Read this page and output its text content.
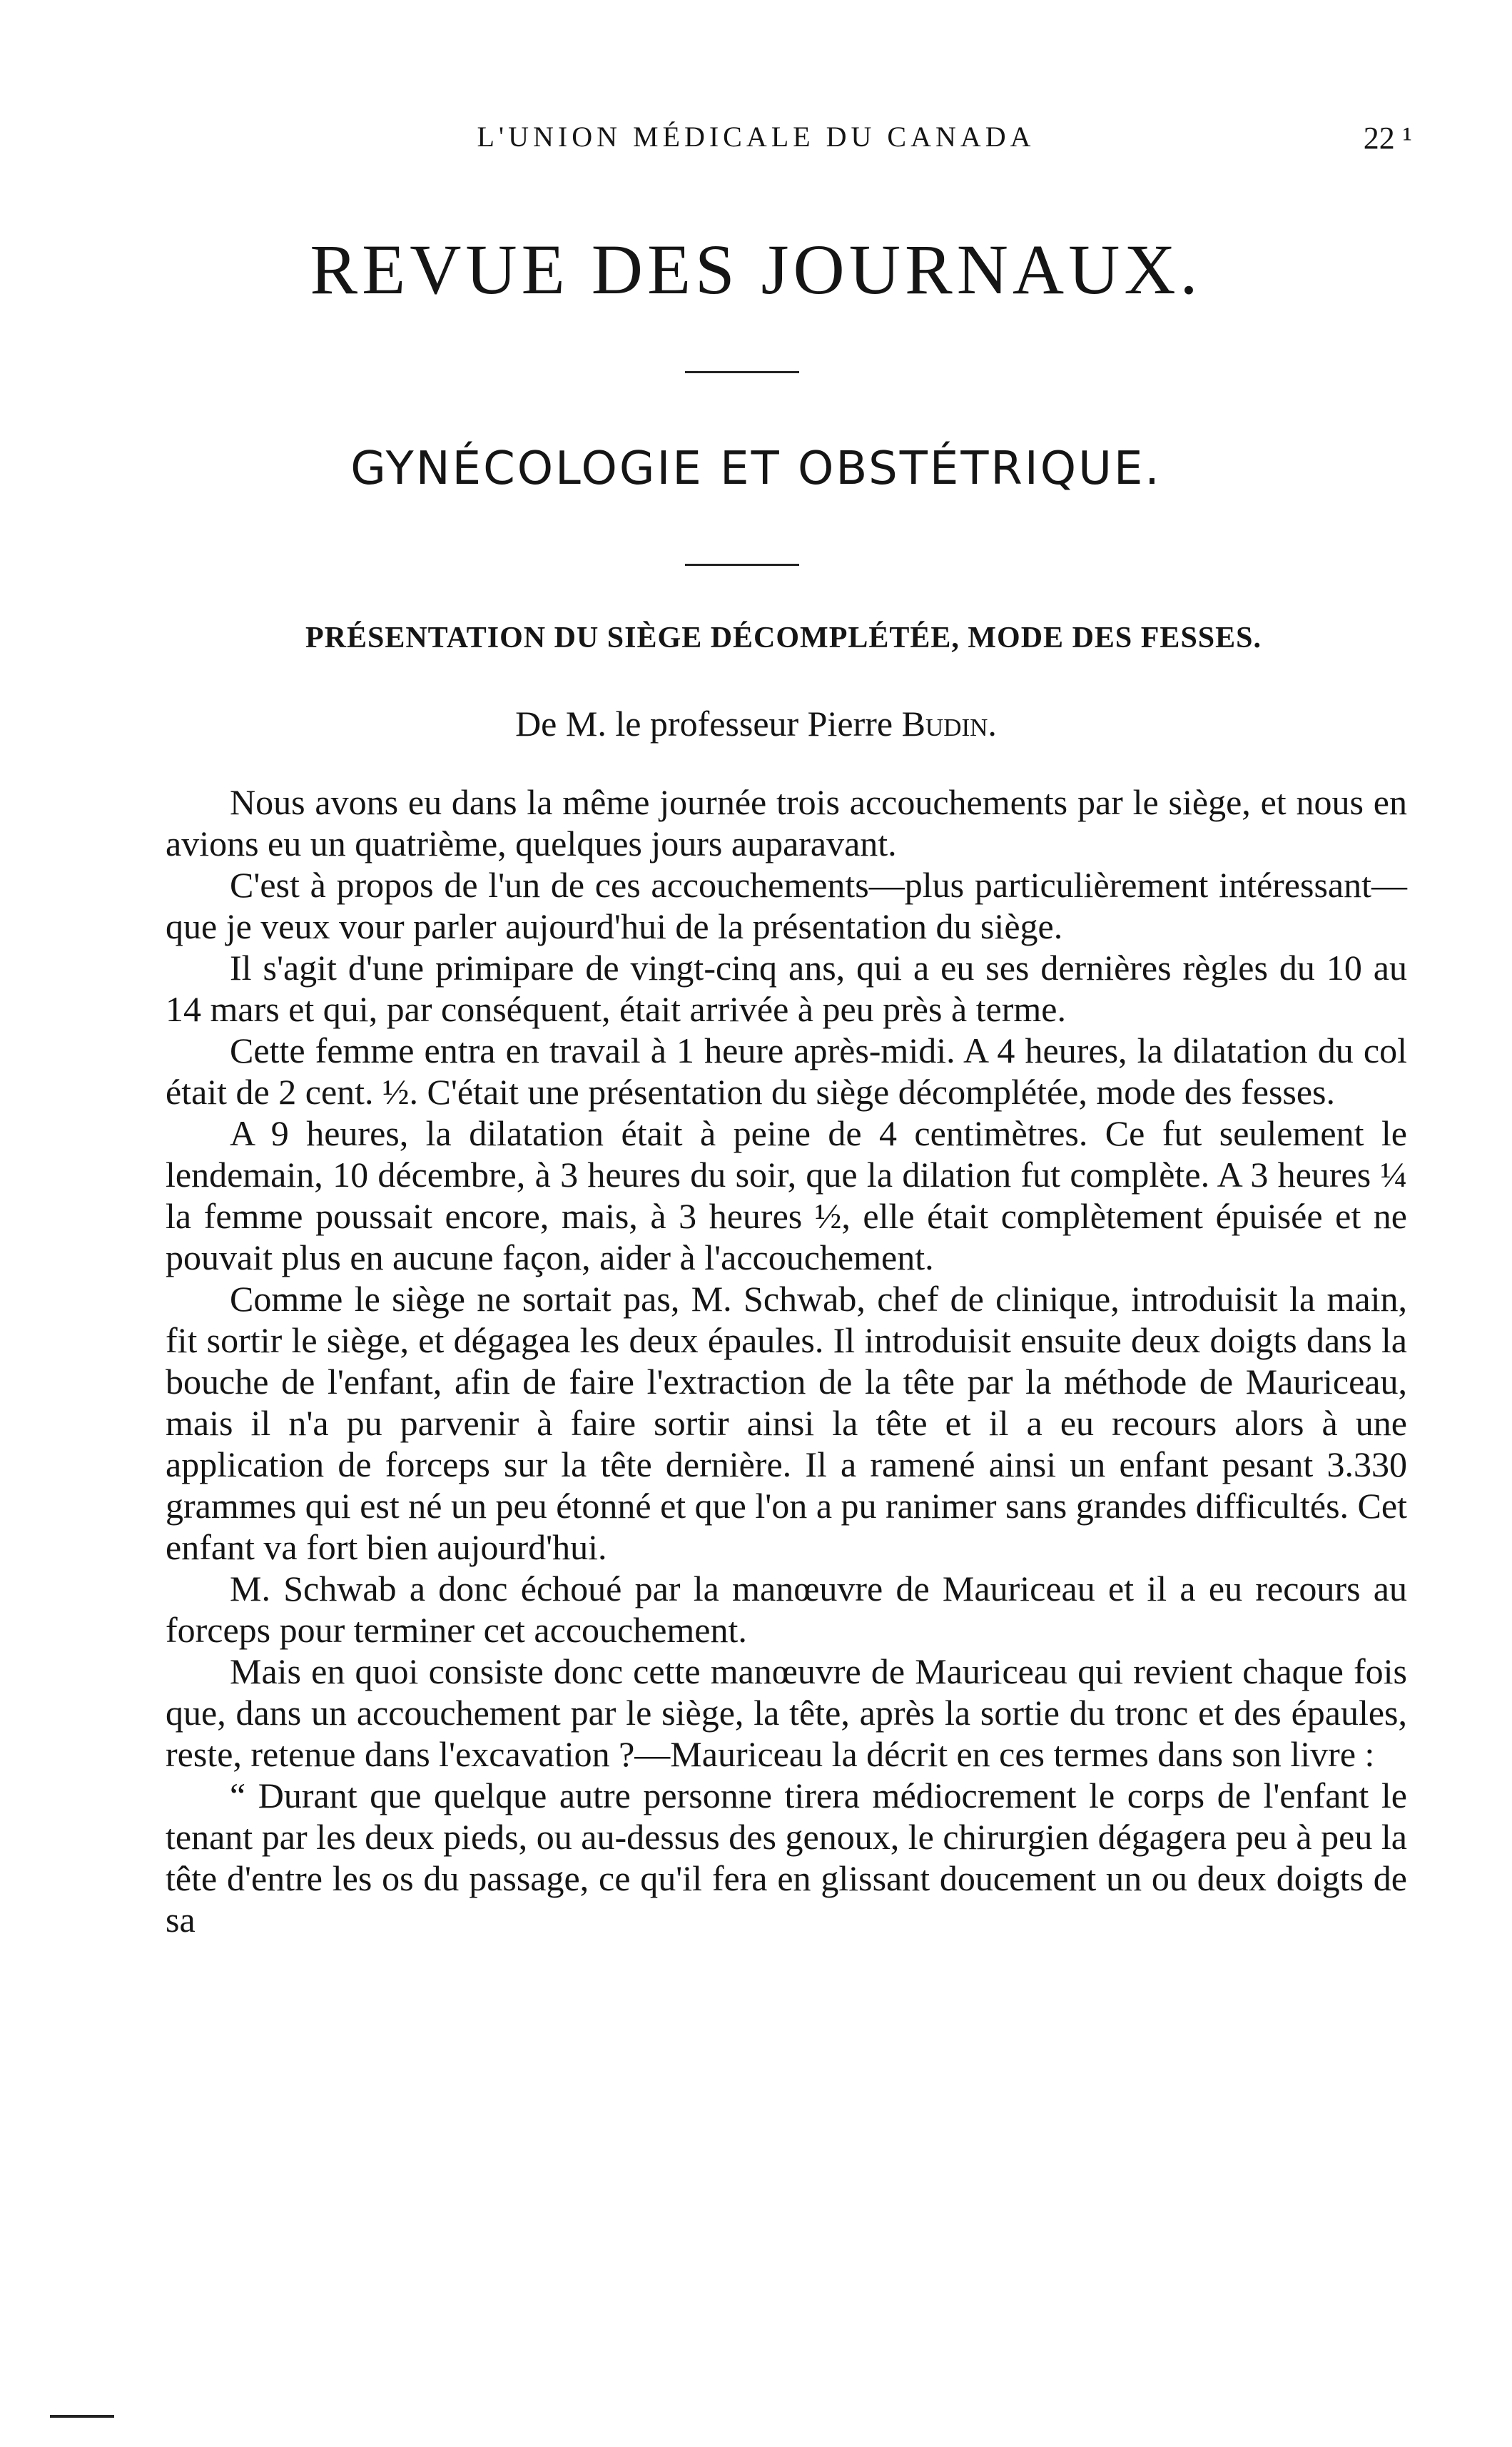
L'UNION MÉDICALE DU CANADA	22 ¹
REVUE DES JOURNAUX.
GYNÉCOLOGIE ET OBSTÉTRIQUE.
PRÉSENTATION DU SIÈGE DÉCOMPLÉTÉE, MODE DES FESSES.
De M. le professeur Pierre Budin.

Nous avons eu dans la même journée trois accouchements par le siège, et nous en avions eu un quatrième, quelques jours auparavant.

C'est à propos de l'un de ces accouchements—plus particulièrement intéressant—que je veux vour parler aujourd'hui de la présentation du siège.

Il s'agit d'une primipare de vingt-cinq ans, qui a eu ses dernières règles du 10 au 14 mars et qui, par conséquent, était arrivée à peu près à terme.

Cette femme entra en travail à 1 heure après-midi. A 4 heures, la dilatation du col était de 2 cent. ½. C'était une présentation du siège décomplétée, mode des fesses.

A 9 heures, la dilatation était à peine de 4 centimètres. Ce fut seulement le lendemain, 10 décembre, à 3 heures du soir, que la dilation fut complète. A 3 heures ¼ la femme poussait encore, mais, à 3 heures ½, elle était complètement épuisée et ne pouvait plus en aucune façon, aider à l'accouchement.

Comme le siège ne sortait pas, M. Schwab, chef de clinique, introduisit la main, fit sortir le siège, et dégagea les deux épaules. Il introduisit ensuite deux doigts dans la bouche de l'enfant, afin de faire l'extraction de la tête par la méthode de Mauriceau, mais il n'a pu parvenir à faire sortir ainsi la tête et il a eu recours alors à une application de forceps sur la tête dernière. Il a ramené ainsi un enfant pesant 3.330 grammes qui est né un peu étonné et que l'on a pu ranimer sans grandes difficultés. Cet enfant va fort bien aujourd'hui.

M. Schwab a donc échoué par la manœuvre de Mauriceau et il a eu recours au forceps pour terminer cet accouchement.

Mais en quoi consiste donc cette manœuvre de Mauriceau qui revient chaque fois que, dans un accouchement par le siège, la tête, après la sortie du tronc et des épaules, reste, retenue dans l'excavation ?—Mauriceau la décrit en ces termes dans son livre :

“ Durant que quelque autre personne tirera médiocrement le corps de l'enfant le tenant par les deux pieds, ou au-dessus des genoux, le chirurgien dégagera peu à peu la tête d'entre les os du passage, ce qu'il fera en glissant doucement un ou deux doigts de sa
